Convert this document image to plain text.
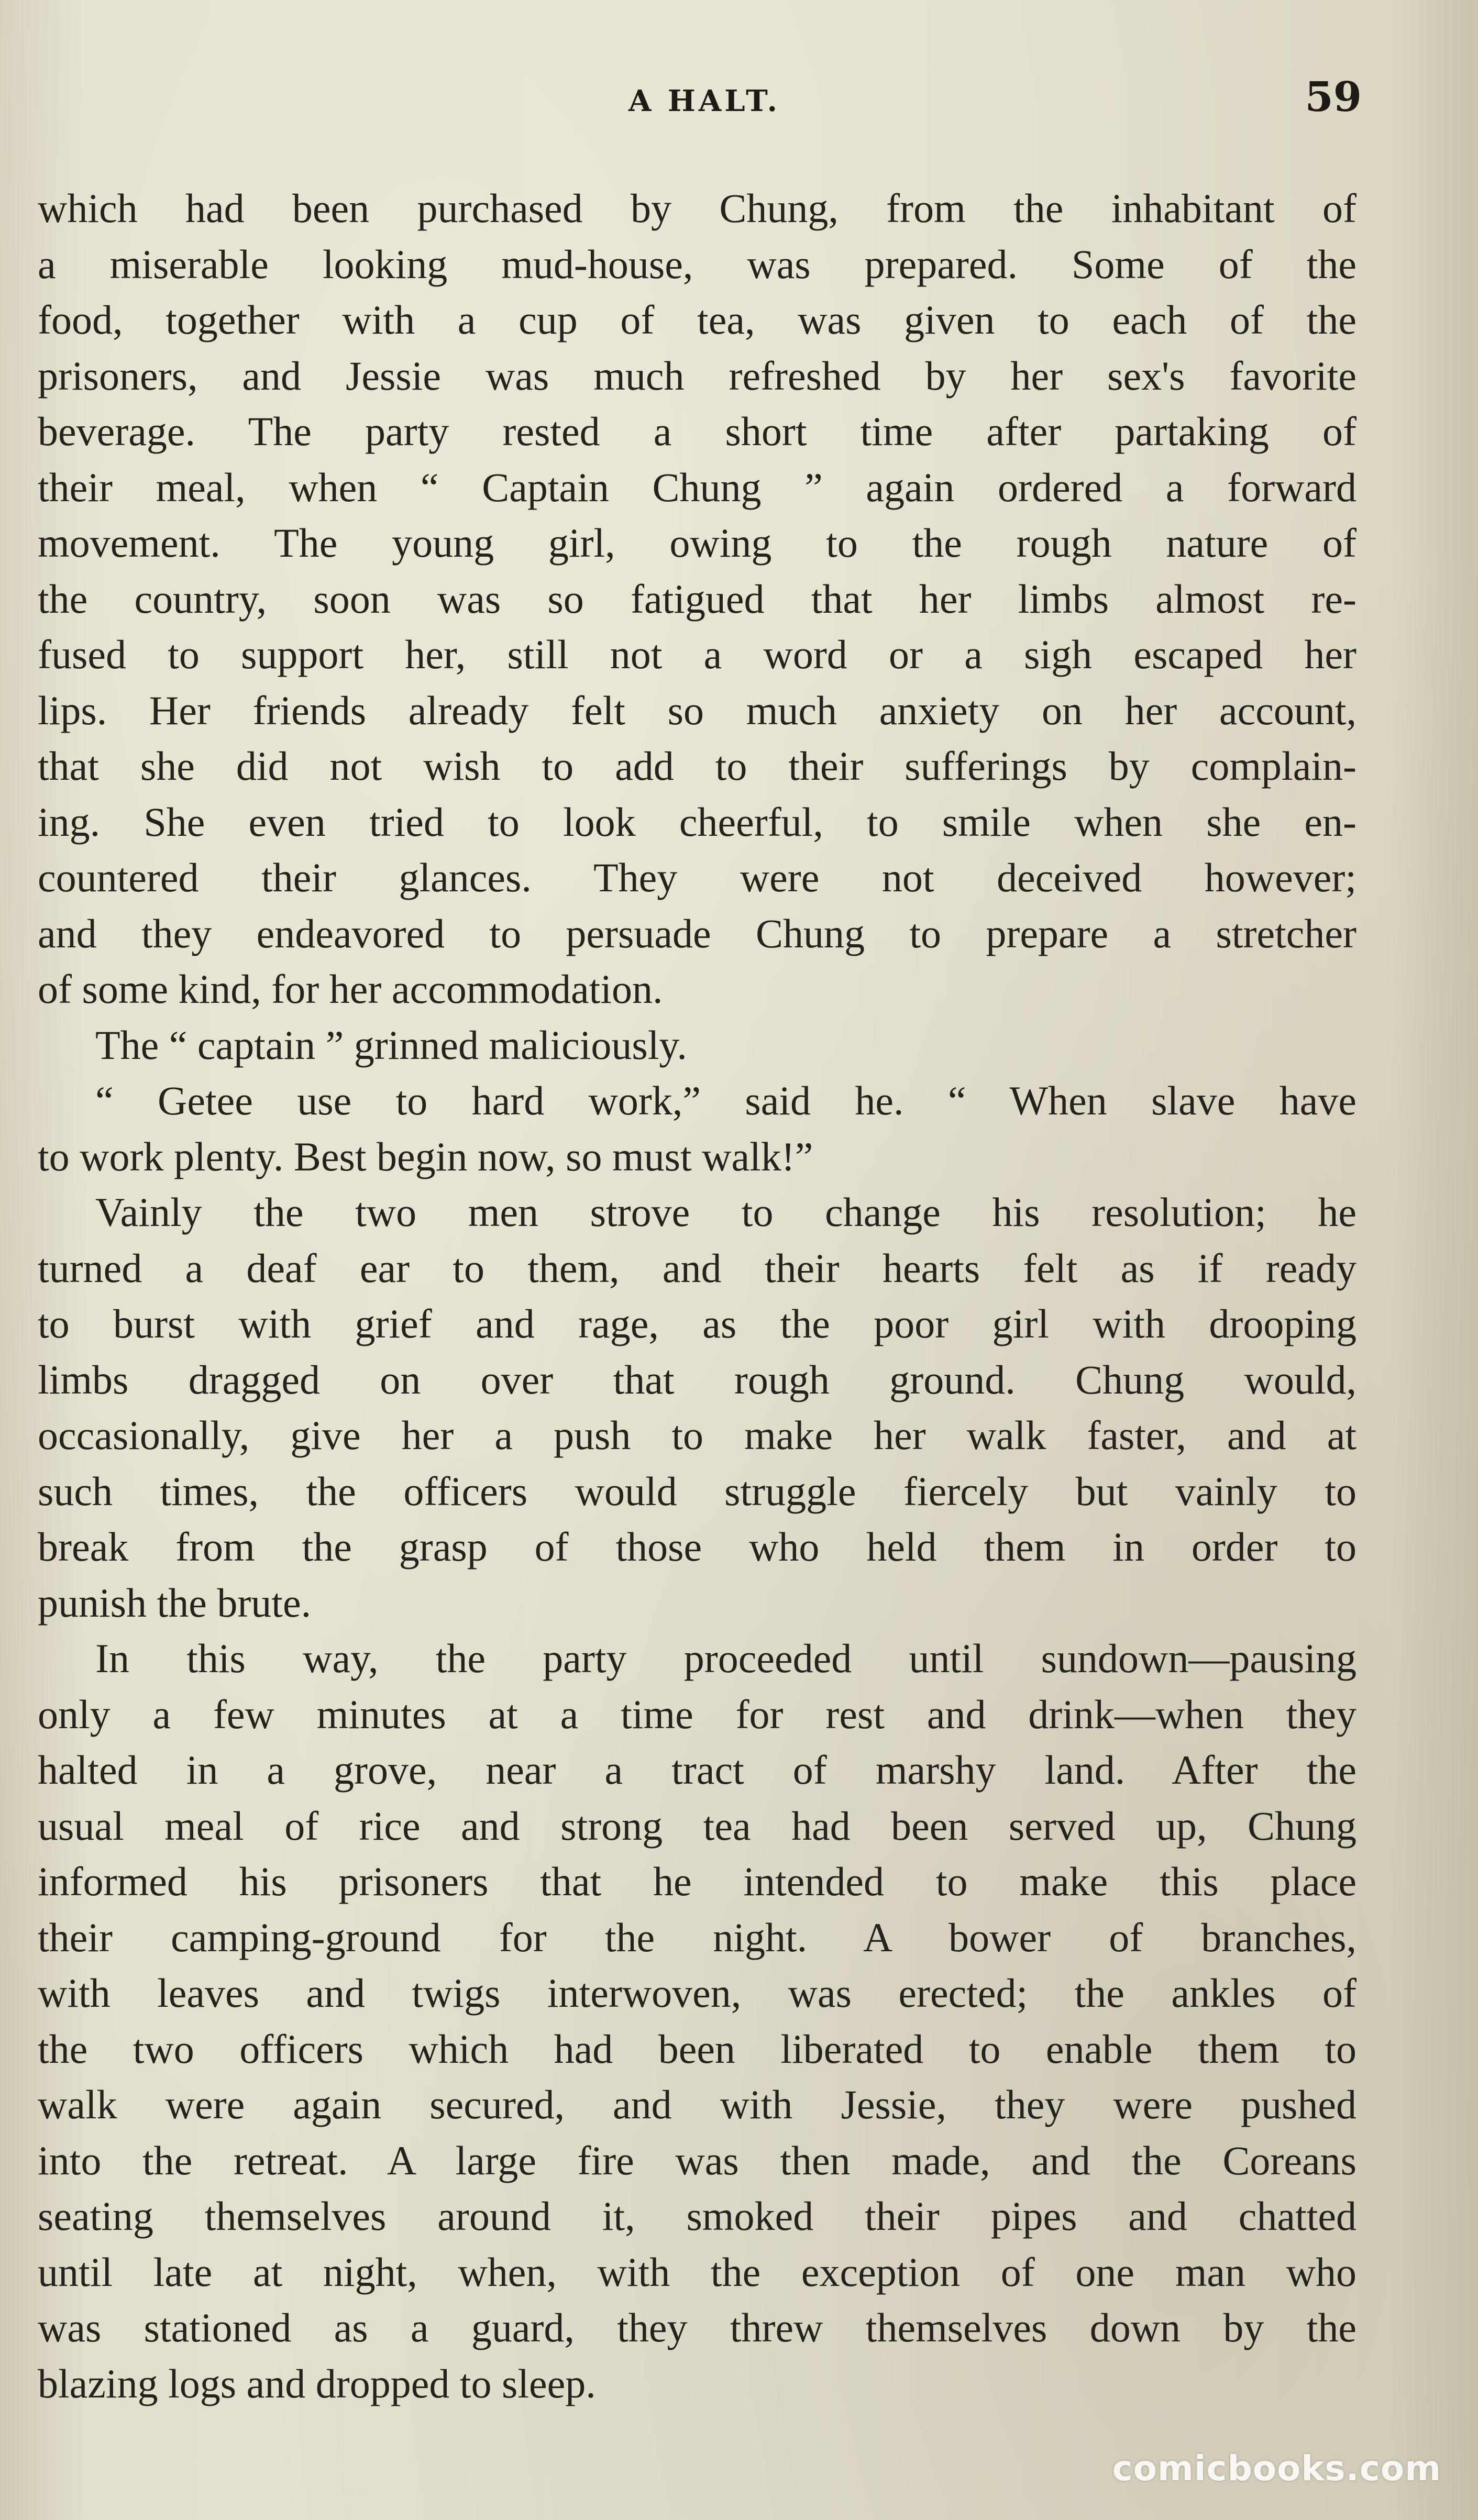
A HALT.	59
which had been purchased by Chung, from the inhabitant of
a miserable looking mud-house, was prepared. Some of the
food, together with a cup of tea, was given to each of the
prisoners, and Jessie was much refreshed by her sex's favorite
beverage. The party rested a short time after partaking of
their meal, when “ Captain Chung ” again ordered a forward
movement. The young girl, owing to the rough nature of
the country, soon was so fatigued that her limbs almost re-
fused to support her, still not a word or a sigh escaped her
lips. Her friends already felt so much anxiety on her account,
that she did not wish to add to their sufferings by complain-
ing. She even tried to look cheerful, to smile when she en-
countered their glances. They were not deceived however;
and they endeavored to persuade Chung to prepare a stretcher
of some kind, for her accommodation.
The “ captain ” grinned maliciously.
“ Getee use to hard work,” said he. “ When slave have
to work plenty. Best begin now, so must walk!”
Vainly the two men strove to change his resolution; he
turned a deaf ear to them, and their hearts felt as if ready
to burst with grief and rage, as the poor girl with drooping
limbs dragged on over that rough ground. Chung would,
occasionally, give her a push to make her walk faster, and at
such times, the officers would struggle fiercely but vainly to
break from the grasp of those who held them in order to
punish the brute.
In this way, the party proceeded until sundown—pausing
only a few minutes at a time for rest and drink—when they
halted in a grove, near a tract of marshy land. After the
usual meal of rice and strong tea had been served up, Chung
informed his prisoners that he intended to make this place
their camping-ground for the night. A bower of branches,
with leaves and twigs interwoven, was erected; the ankles of
the two officers which had been liberated to enable them to
walk were again secured, and with Jessie, they were pushed
into the retreat. A large fire was then made, and the Coreans
seating themselves around it, smoked their pipes and chatted
until late at night, when, with the exception of one man who
was stationed as a guard, they threw themselves down by the
blazing logs and dropped to sleep.
comicbooks.com
